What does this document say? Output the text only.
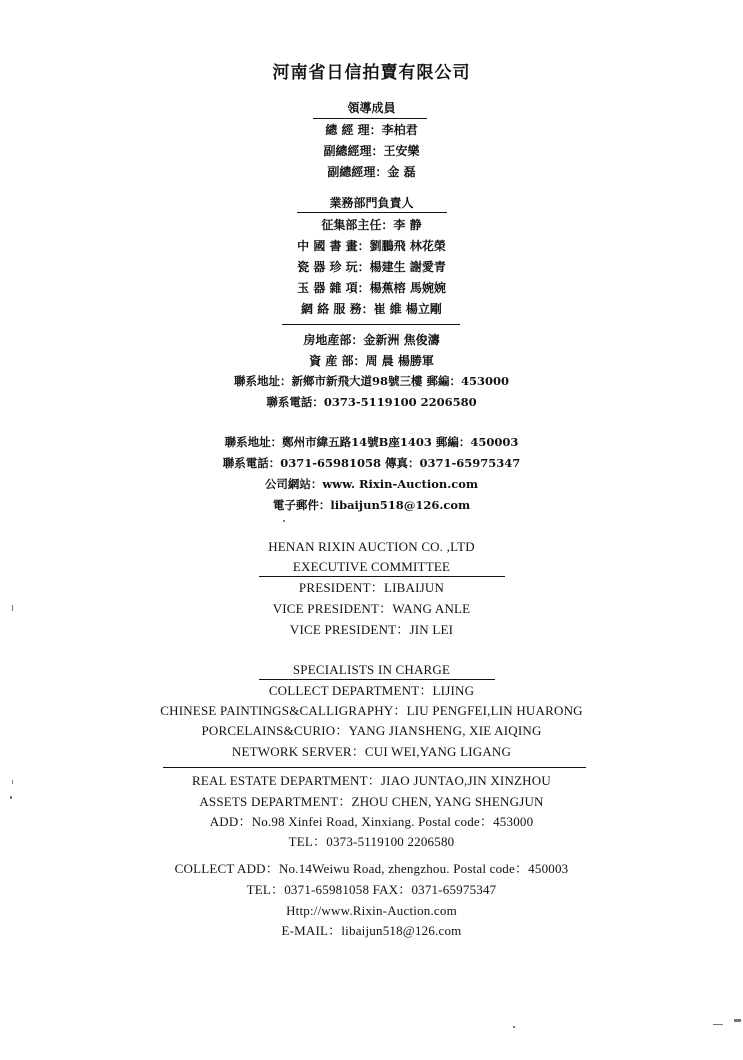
河南省日信拍賣有限公司
領導成員
總 經 理：李柏君
副總經理：王安樂
副總經理：金 磊
業務部門負責人
征集部主任：李 静
中 國 書 畫：劉鵬飛 林花榮
瓷 器 珍 玩：楊建生 謝愛青
玉 器 雜 項：楊蕉榕 馬婉婉
網 絡 服 務：崔 維 楊立剛
房地産部：金新洲 焦俊濤
資 産 部：周 晨 楊勝軍
聯系地址：新鄉市新飛大道98號三樓 郵編：453000
聯系電話：0373-5119100 2206580
聯系地址：鄭州市緯五路14號B座1403 郵編：450003
聯系電話：0371-65981058 傳真：0371-65975347
公司網站：www. Rixin-Auction.com
電子郵件：libaijun518@126.com
HENAN RIXIN AUCTION CO. ,LTD
EXECUTIVE COMMITTEE
PRESIDENT：LIBAIJUN
VICE PRESIDENT：WANG ANLE
VICE PRESIDENT：JIN LEI
SPECIALISTS IN CHARGE
COLLECT DEPARTMENT：LIJING
CHINESE PAINTINGS&CALLIGRAPHY：LIU PENGFEI,LIN HUARONG
PORCELAINS&CURIO：YANG JIANSHENG, XIE AIQING
NETWORK SERVER：CUI WEI,YANG LIGANG
REAL ESTATE DEPARTMENT：JIAO JUNTAO,JIN XINZHOU
ASSETS DEPARTMENT：ZHOU CHEN, YANG SHENGJUN
ADD：No.98 Xinfei Road, Xinxiang. Postal code：453000
TEL：0373-5119100 2206580
COLLECT ADD：No.14Weiwu Road, zhengzhou. Postal code：450003
TEL：0371-65981058 FAX：0371-65975347
Http://www.Rixin-Auction.com
E-MAIL：libaijun518@126.com
